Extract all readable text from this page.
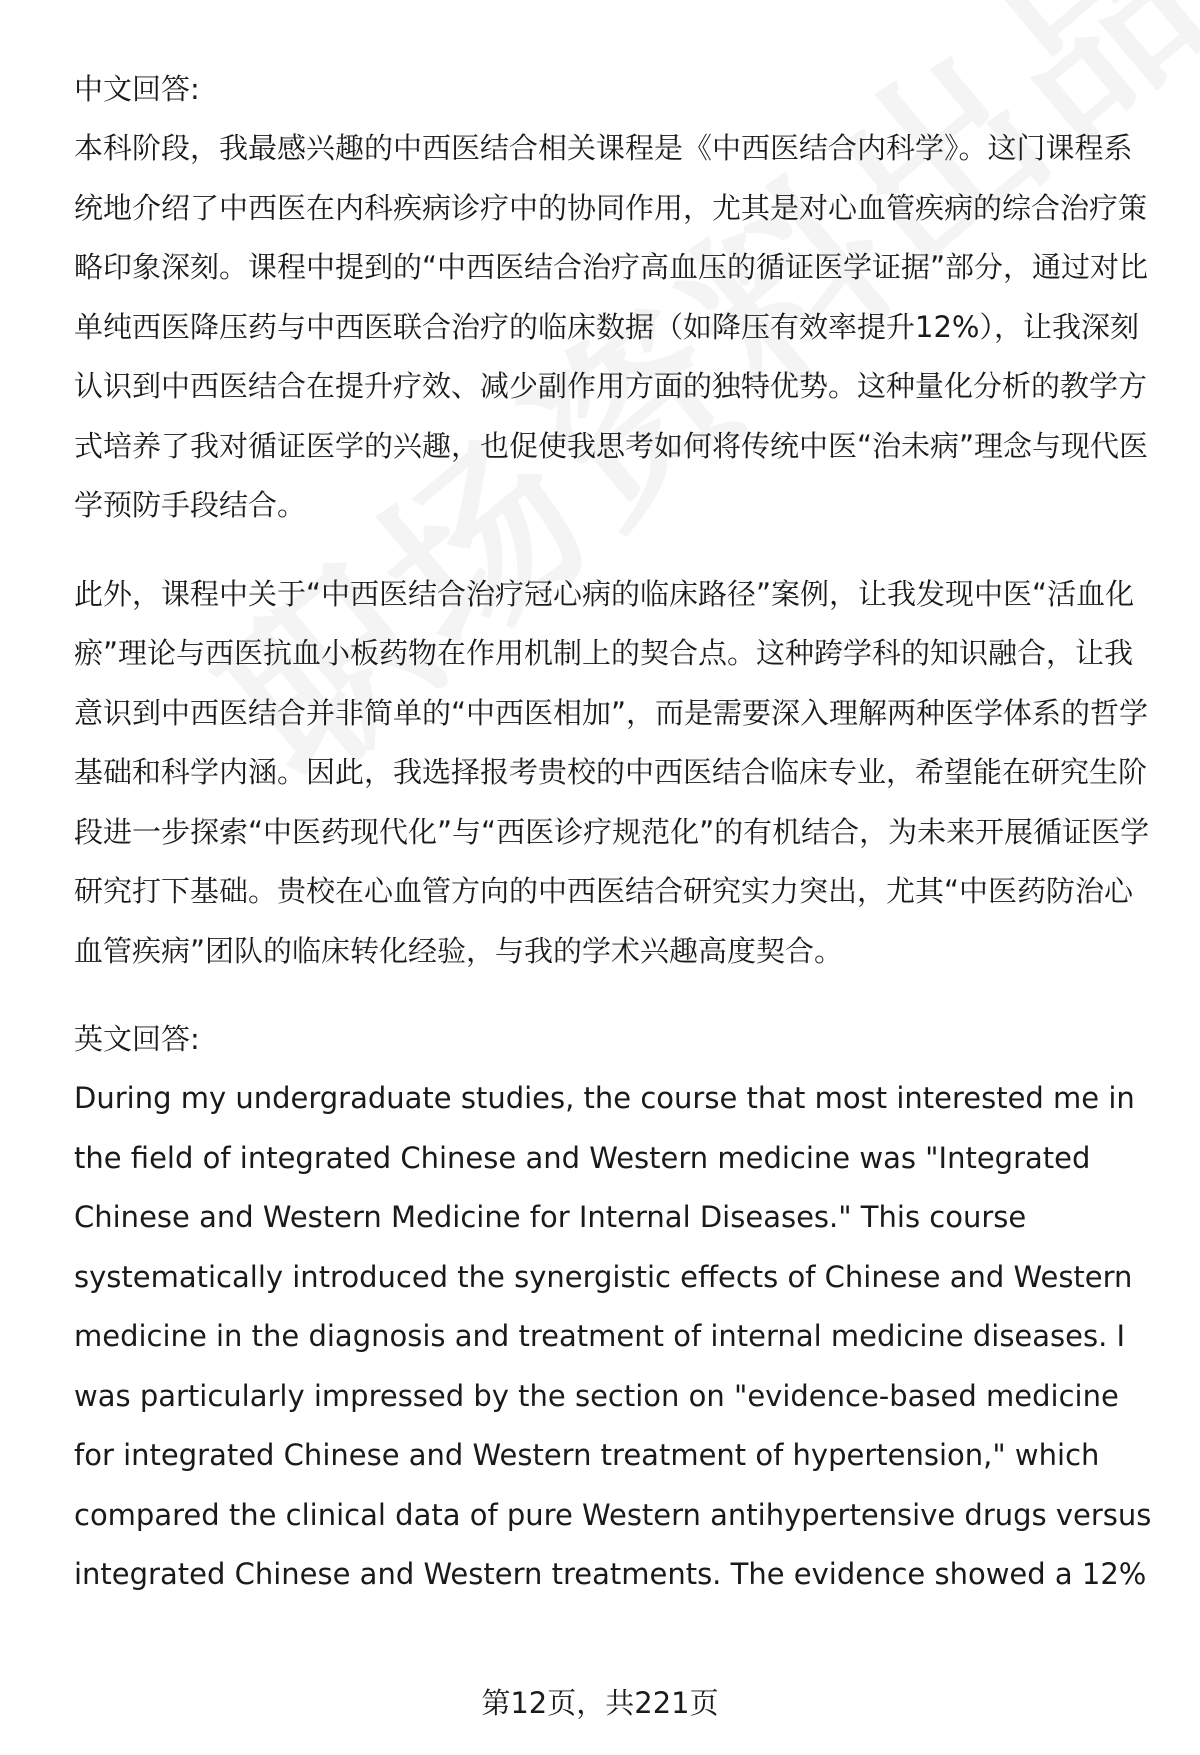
中文回答:

本科阶段，我最感兴趣的中西医结合相关课程是《中西医结合内科学》。这门课程系统地介绍了中西医在内科疾病诊疗中的协同作用，尤其是对心血管疾病的综合治疗策略印象深刻。课程中提到的“中西医结合治疗高血压的循证医学证据”部分，通过对比单纯西医降压药与中西医联合治疗的临床数据（如降压有效率提升12%），让我深刻认识到中西医结合在提升疗效、减少副作用方面的独特优势。这种量化分析的教学方式培养了我对循证医学的兴趣，也促使我思考如何将传统中医“治未病”理念与现代医学预防手段结合。

此外，课程中关于“中西医结合治疗冠心病的临床路径”案例，让我发现中医“活血化瘀”理论与西医抗血小板药物在作用机制上的契合点。这种跨学科的知识融合，让我意识到中西医结合并非简单的“中西医相加”，而是需要深入理解两种医学体系的哲学基础和科学内涵。因此，我选择报考贵校的中西医结合临床专业，希望能在研究生阶段进一步探索“中医药现代化”与“西医诊疗规范化”的有机结合，为未来开展循证医学研究打下基础。贵校在心血管方向的中西医结合研究实力突出，尤其“中医药防治心血管疾病”团队的临床转化经验，与我的学术兴趣高度契合。

英文回答:

During my undergraduate studies, the course that most interested me in the field of integrated Chinese and Western medicine was "Integrated Chinese and Western Medicine for Internal Diseases." This course systematically introduced the synergistic effects of Chinese and Western medicine in the diagnosis and treatment of internal medicine diseases. I was particularly impressed by the section on "evidence-based medicine for integrated Chinese and Western treatment of hypertension," which compared the clinical data of pure Western antihypertensive drugs versus integrated Chinese and Western treatments. The evidence showed a 12%

第12页，共221页
